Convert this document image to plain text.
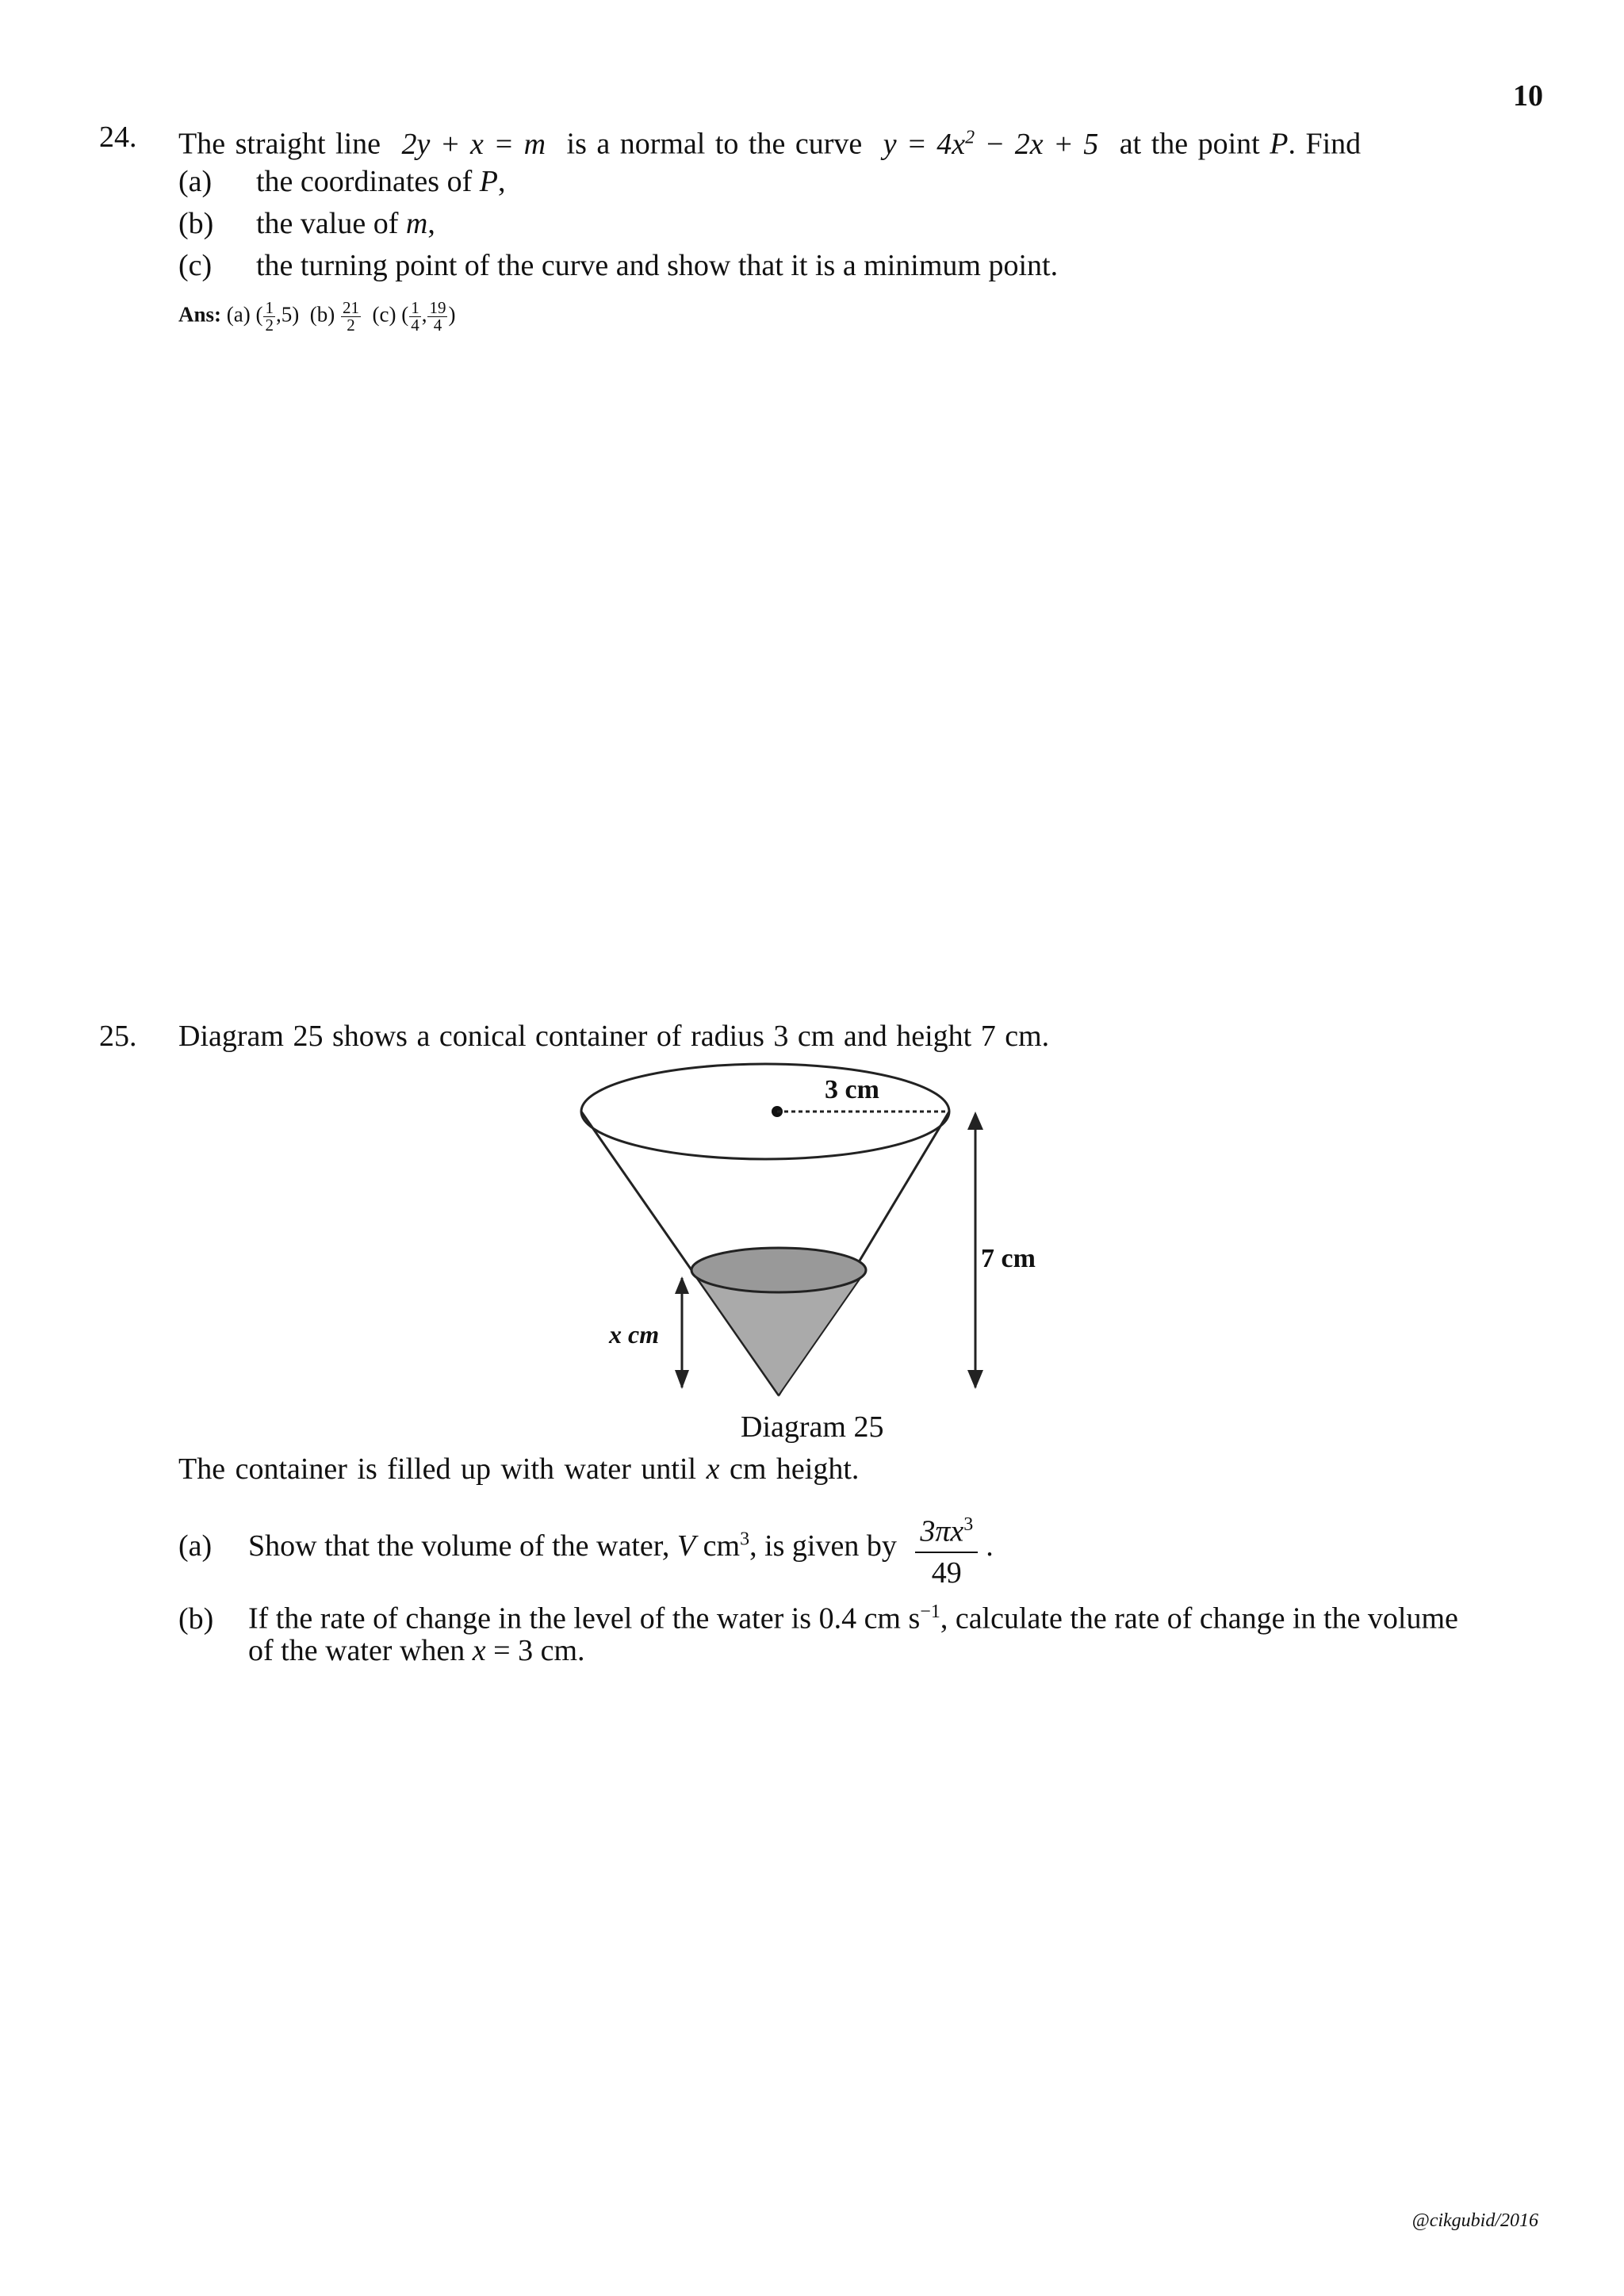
10
24. The straight line 2y + x = m is a normal to the curve $y = 4x^2 - 2x + 5$ at the point P. Find
(a) the coordinates of P,
(b) the value of m,
(c) the turning point of the curve and show that it is a minimum point.
Ans: (a) ( $\frac{1}{2} ,5$) $(b) \frac{21}{2} (c)$ ( $\frac{1}{4}$ , $\frac{19}{4}$ )
25. Diagram 25 shows a conical container of radius 3 cm and height 7 cm.
3 cm
7 cm
x cm
Diagram 25
The container is filled up with water until x cm height.
(a) Show that the volume of the water, V $cm^3$, is given by $\frac{3\pi x^3}{49}$ .
(b) If the rate of change in the level of the water is 0.4 cm $s^{-1}$, calculate the rate of change in the volume
of the water when x = 3 cm.
@cikgubid/2016
